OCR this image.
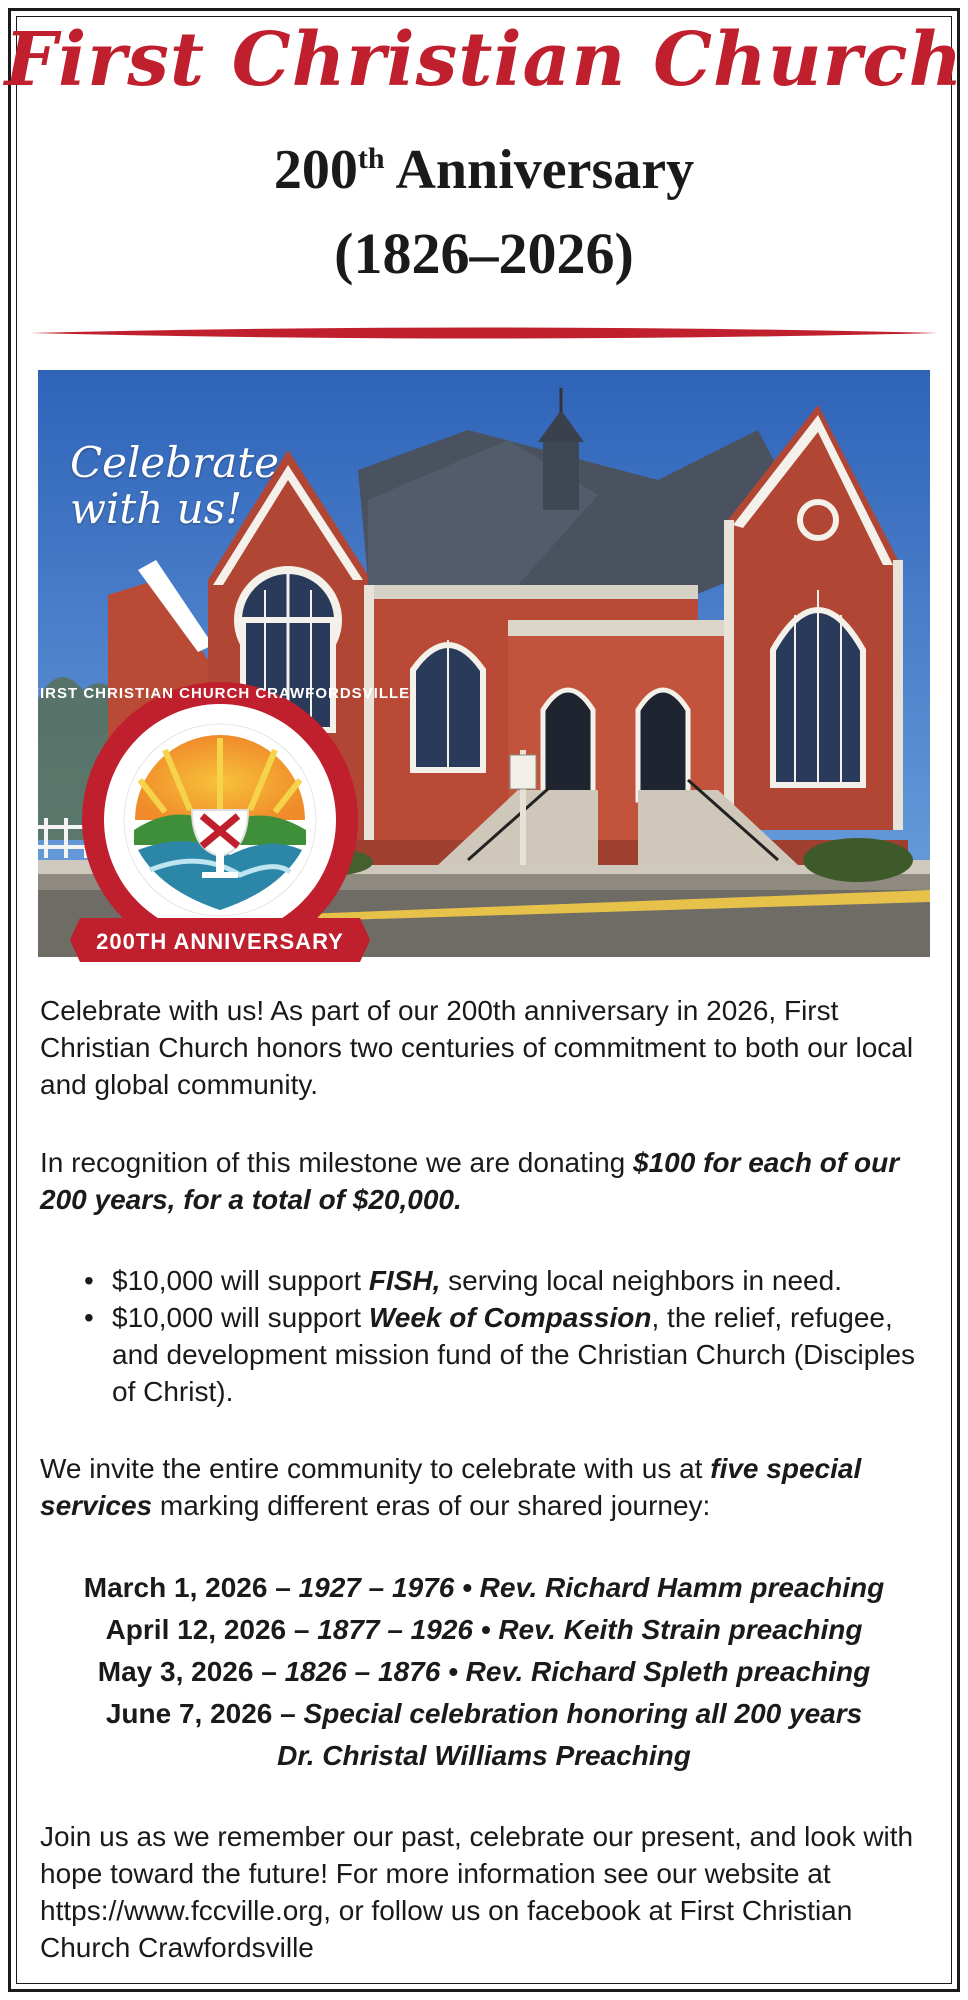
First Christian Church
200th Anniversary
(1826–2026)
FIRST CHRISTIAN CHURCH CRAWFORDSVILLE
200TH ANNIVERSARY
1826-2026
Celebrate
with us!
Celebrate with us! As part of our 200th anniversary in 2026, First Christian Church honors two centuries of commitment to both our local and global community.
In recognition of this milestone we are donating $100 for each of our 200 years, for a total of $20,000.
• $10,000 will support FISH, serving local neighbors in need.
• $10,000 will support Week of Compassion, the relief, refugee, and development mission fund of the Christian Church (Disciples of Christ).
We invite the entire community to celebrate with us at five special services marking different eras of our shared journey:
March 1, 2026 – 1927 – 1976 • Rev. Richard Hamm preaching
April 12, 2026 – 1877 – 1926 • Rev. Keith Strain preaching
May 3, 2026 – 1826 – 1876 • Rev. Richard Spleth preaching
June 7, 2026 – Special celebration honoring all 200 years
Dr. Christal Williams Preaching
Join us as we remember our past, celebrate our present, and look with hope toward the future! For more information see our website at https://www.fccville.org, or follow us on facebook at First Christian Church Crawfordsville
